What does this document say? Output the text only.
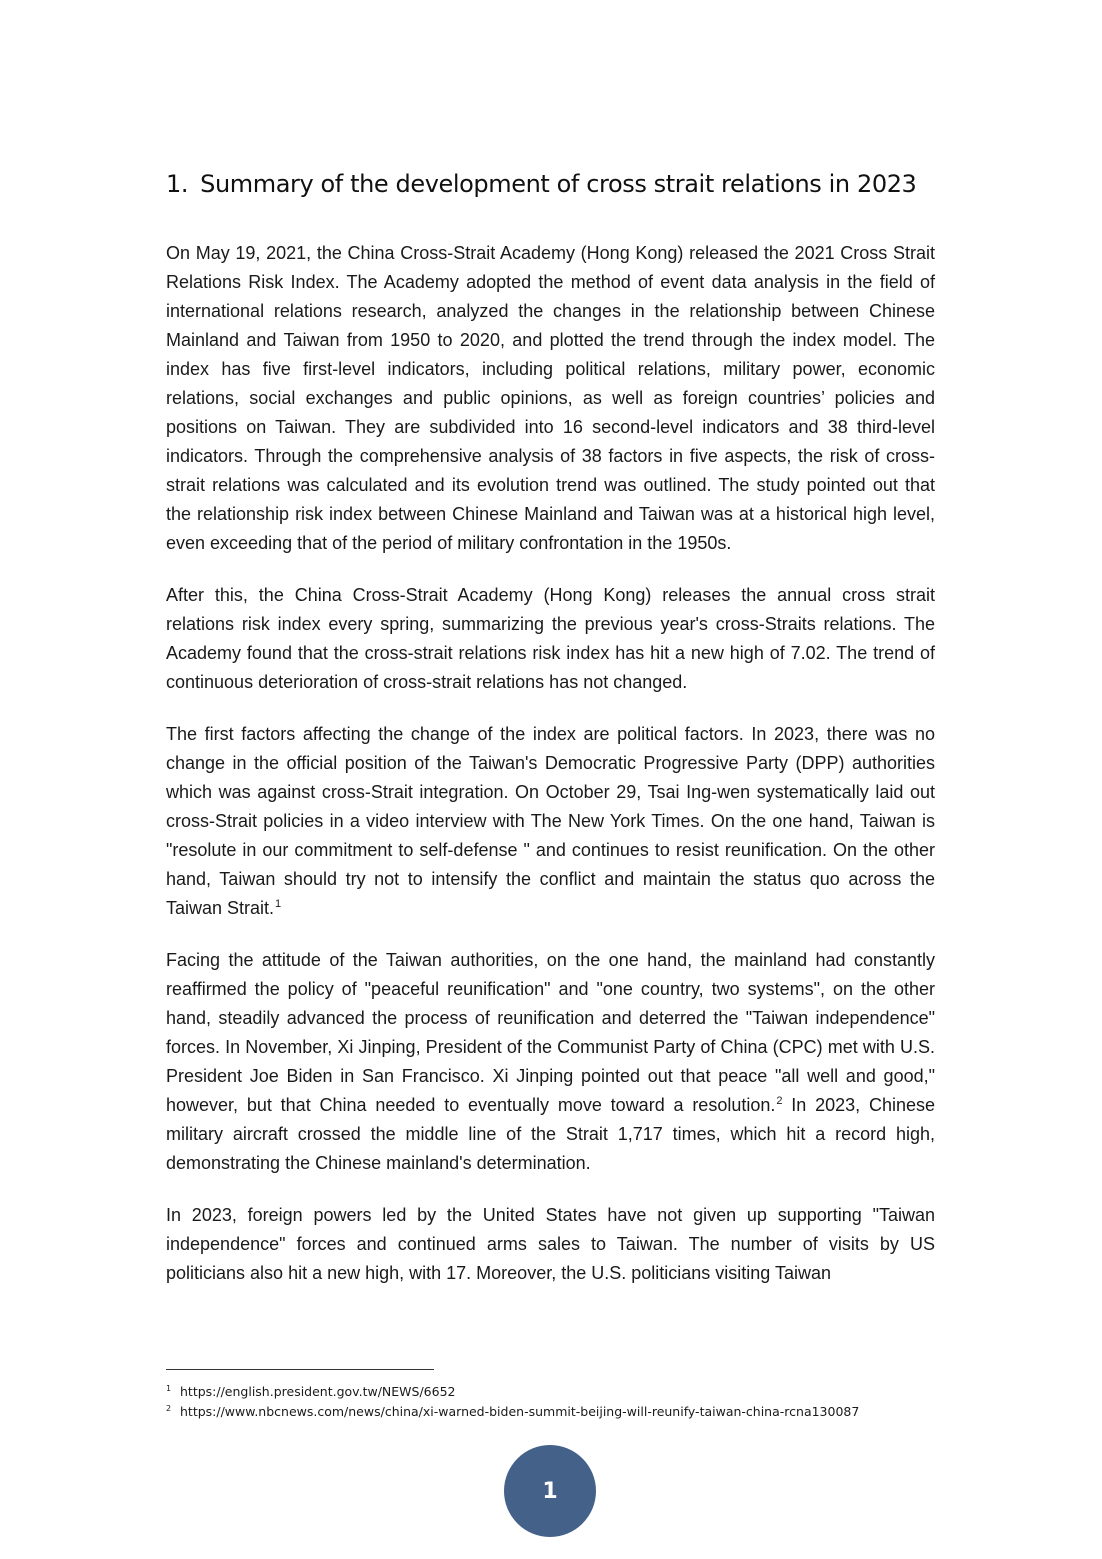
1. Summary of the development of cross strait relations in 2023

On May 19, 2021, the China Cross-Strait Academy (Hong Kong) released the 2021 Cross Strait Relations Risk Index. The Academy adopted the method of event data analysis in the field of international relations research, analyzed the changes in the relationship between Chinese Mainland and Taiwan from 1950 to 2020, and plotted the trend through the index model. The index has five first-level indicators, including political relations, military power, economic relations, social exchanges and public opinions, as well as foreign countries’ policies and positions on Taiwan. They are subdivided into 16 second-level indicators and 38 third-level indicators. Through the comprehensive analysis of 38 factors in five aspects, the risk of cross-strait relations was calculated and its evolution trend was outlined. The study pointed out that the relationship risk index between Chinese Mainland and Taiwan was at a historical high level, even exceeding that of the period of military confrontation in the 1950s.

After this, the China Cross-Strait Academy (Hong Kong) releases the annual cross strait relations risk index every spring, summarizing the previous year's cross-Straits relations. The Academy found that the cross-strait relations risk index has hit a new high of 7.02. The trend of continuous deterioration of cross-strait relations has not changed.

The first factors affecting the change of the index are political factors. In 2023, there was no change in the official position of the Taiwan's Democratic Progressive Party (DPP) authorities which was against cross-Strait integration. On October 29, Tsai Ing-wen systematically laid out cross-Strait policies in a video interview with The New York Times. On the one hand, Taiwan is "resolute in our commitment to self-defense " and continues to resist reunification. On the other hand, Taiwan should try not to intensify the conflict and maintain the status quo across the Taiwan Strait.$^1$

Facing the attitude of the Taiwan authorities, on the one hand, the mainland had constantly reaffirmed the policy of "peaceful reunification" and "one country, two systems", on the other hand, steadily advanced the process of reunification and deterred the "Taiwan independence" forces. In November, Xi Jinping, President of the Communist Party of China (CPC) met with U.S. President Joe Biden in San Francisco. Xi Jinping pointed out that peace "all well and good," however, but that China needed to eventually move toward a resolution.$^2$ In 2023, Chinese military aircraft crossed the middle line of the Strait 1,717 times, which hit a record high, demonstrating the Chinese mainland's determination.

In 2023, foreign powers led by the United States have not given up supporting "Taiwan independence" forces and continued arms sales to Taiwan. The number of visits by US politicians also hit a new high, with 17. Moreover, the U.S. politicians visiting Taiwan

1 https://english.president.gov.tw/NEWS/6652
2 https://www.nbcnews.com/news/china/xi-warned-biden-summit-beijing-will-reunify-taiwan-china-rcna130087
1
